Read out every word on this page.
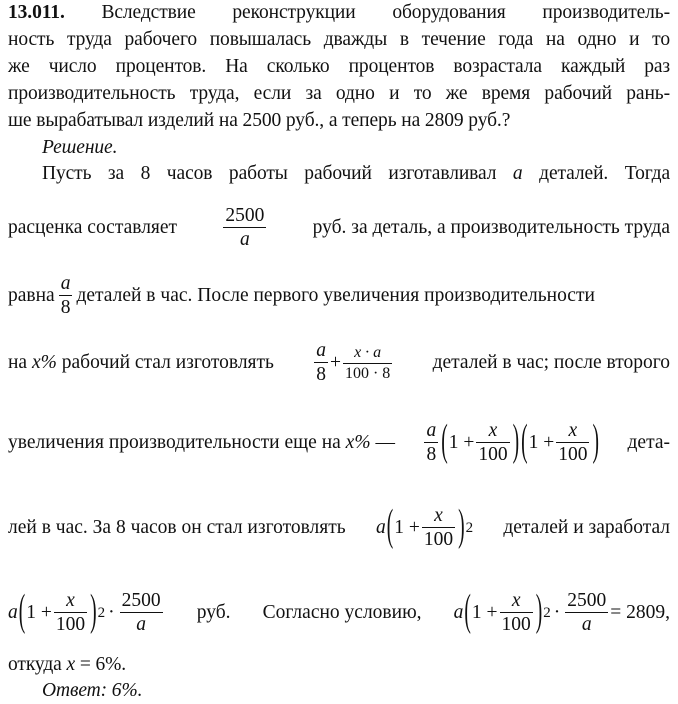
13.011. Вследствие реконструкции оборудования производитель-
ность труда рабочего повышалась дважды в течение года на одно и то
же число процентов. На сколько процентов возрастала каждый раз
производительность труда, если за одно и то же время рабочий рань-
ше вырабатывал изделий на 2500 руб., а теперь на 2809 руб.?
Решение.
Пусть за 8 часов работы рабочий изготавливал a деталей. Тогда
расценка составляет $\frac{2500}{a}$ руб. за деталь, а производительность труда
равна $\frac{a}{8}$ деталей в час. После первого увеличения производительности
на
x%
рабочий стал изготовлять $\frac{a}{8} + \frac{x \cdot a}{100 \cdot 8}$ деталей в час; после второго
увеличения производительности еще на
x%
— $\frac{a}{8}$ ( $1 + \frac{x}{100}$ ) ( $1 + \frac{x}{100}$ ) дета-
лей в час. За 8 часов он стал изготовлять a ( $1 + \frac{x}{100}$ ) 2 деталей и заработал
a ( $1 + \frac{x}{100}$ ) $2 \cdot \frac{2500}{a}$ руб. Согласно условию, a ( $1 + \frac{x}{100}$ ) $2 \cdot \frac{2500}{a} = 2809$,
откуда x = 6%.
Ответ: 6%.
